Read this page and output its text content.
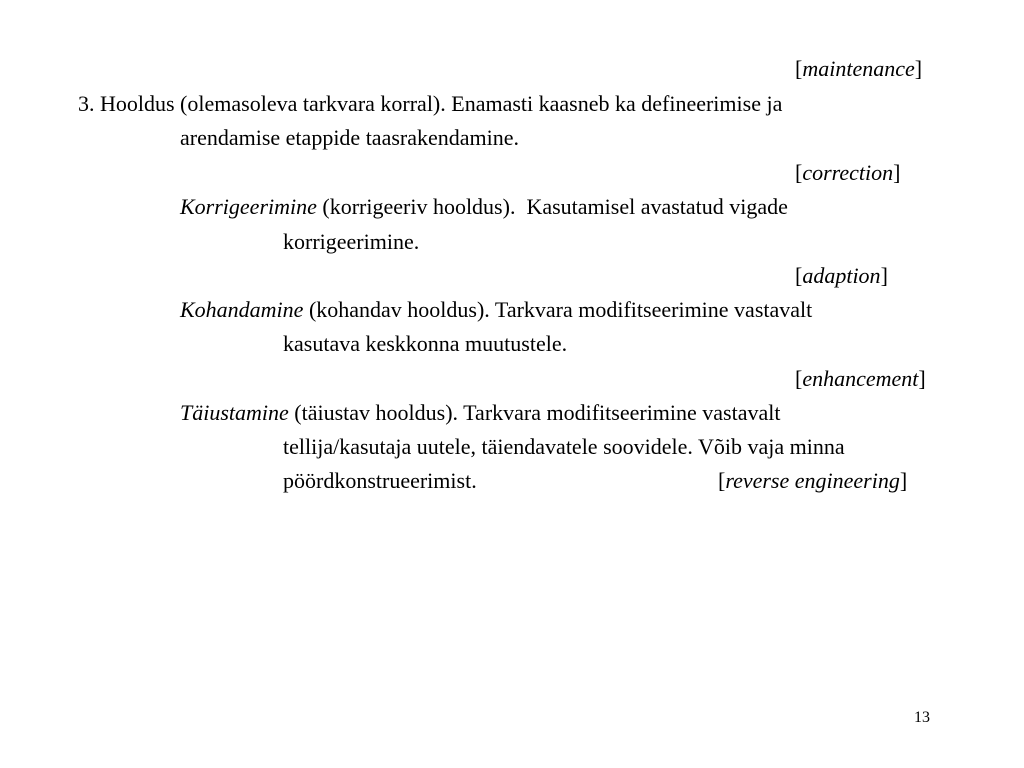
[maintenance]
3. Hooldus (olemasoleva tarkvara korral). Enamasti kaasneb ka defineerimise ja
arendamise etappide taasrakendamine.
[correction]
Korrigeerimine (korrigeeriv hooldus).  Kasutamisel avastatud vigade
korrigeerimine.
[adaption]
Kohandamine (kohandav hooldus). Tarkvara modifitseerimine vastavalt
kasutava keskkonna muutustele.
[enhancement]
Täiustamine (täiustav hooldus). Tarkvara modifitseerimine vastavalt
tellija/kasutaja uutele, täiendavatele soovidele. Võib vaja minna
pöördkonstrueerimist.	[reverse engineering]
13
